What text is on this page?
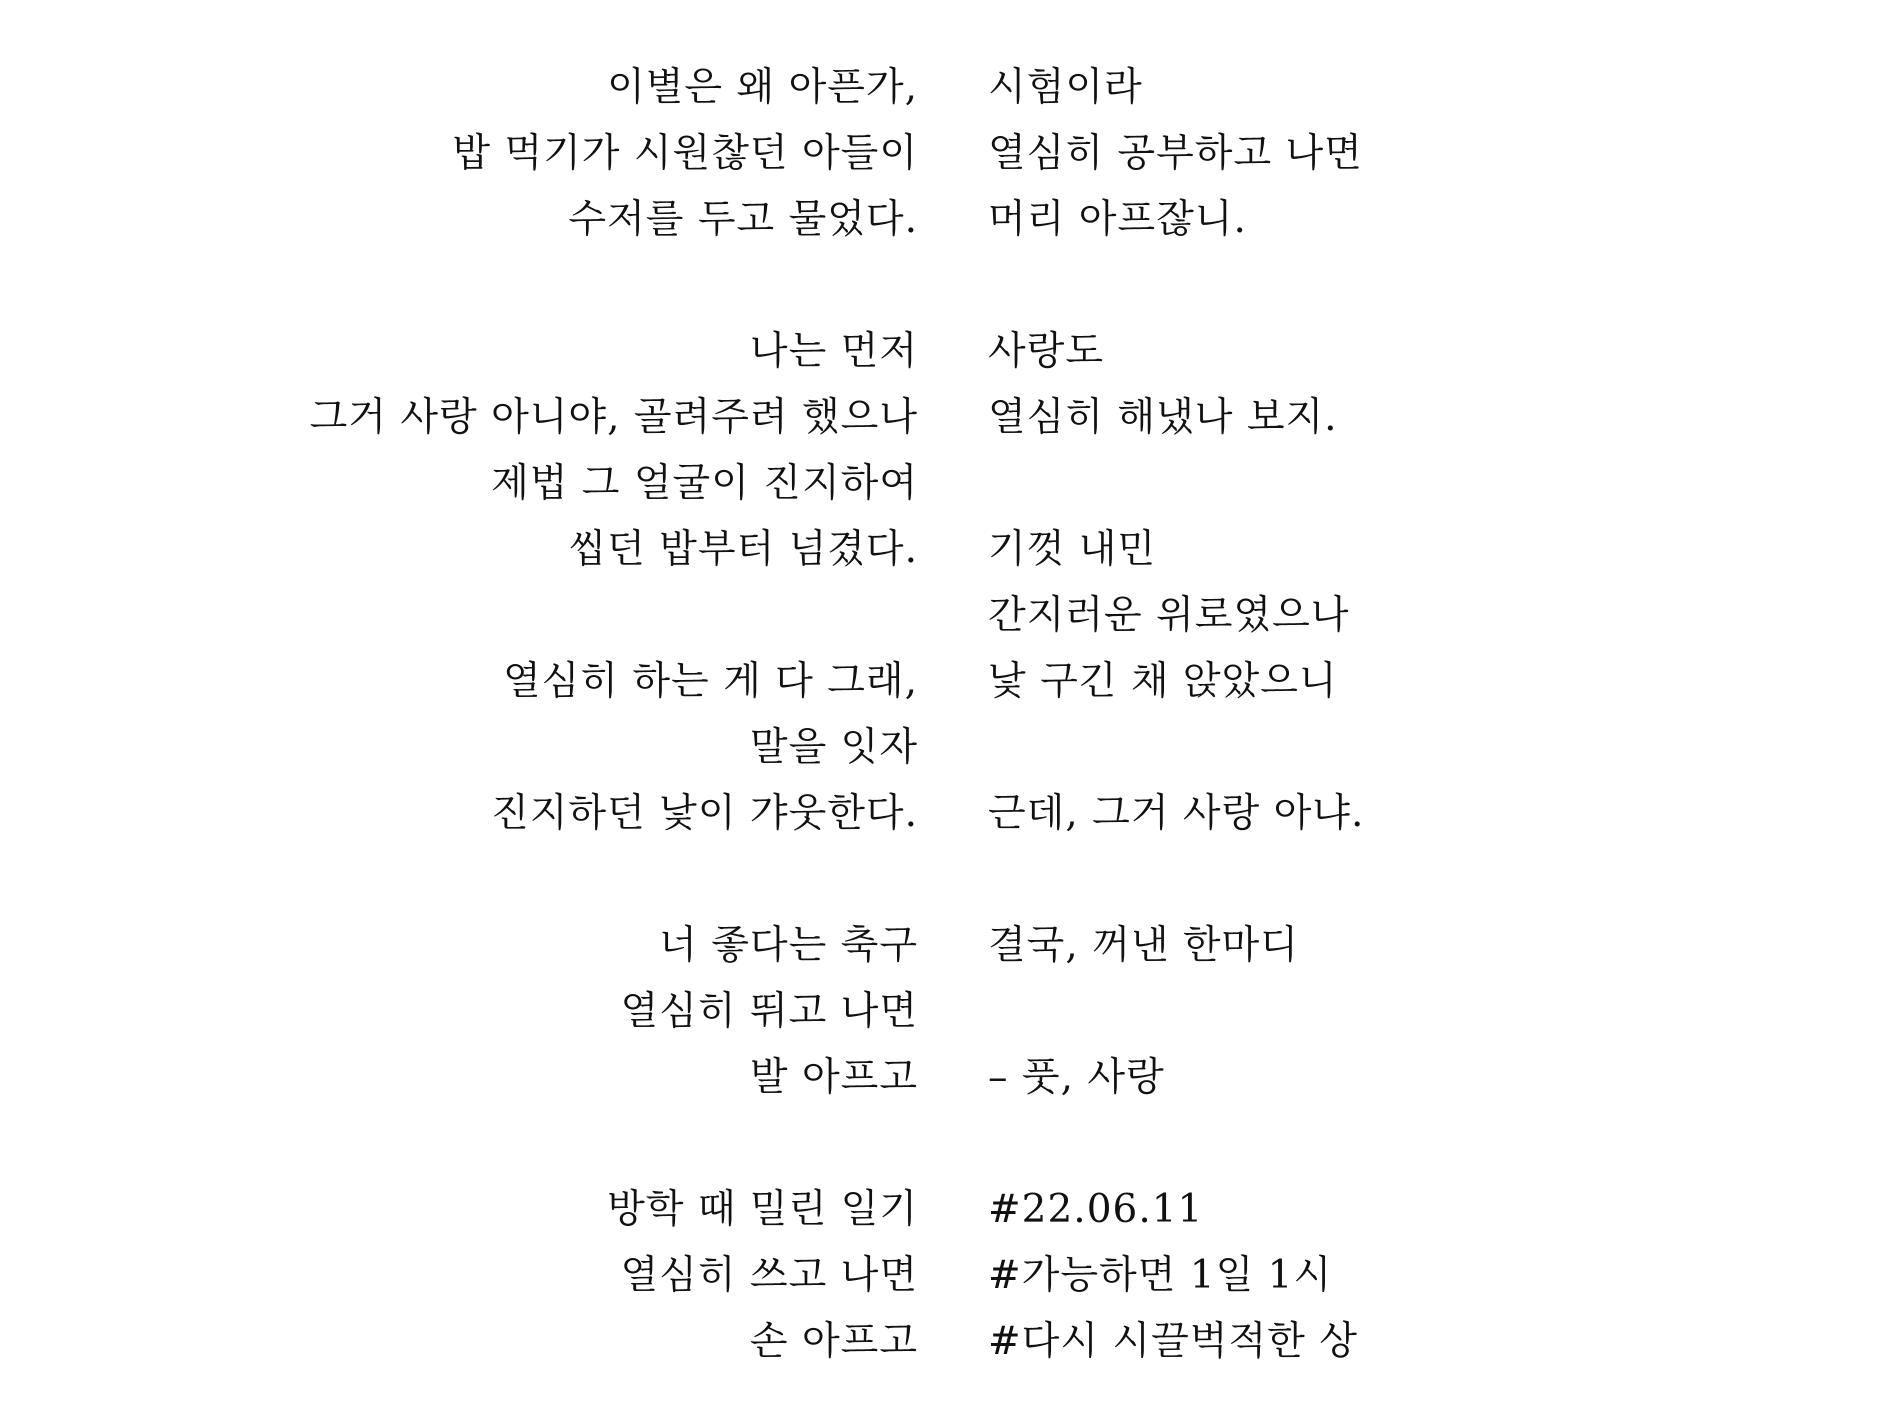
이별은 왜 아픈가, 시험이라
밥 먹기가 시원찮던 아들이 열심히 공부하고 나면
수저를 두고 물었다. 머리 아프잖니.
나는 먼저 사랑도
그거 사랑 아니야, 골려주려 했으나 열심히 해냈나 보지.
제법 그 얼굴이 진지하여
씹던 밥부터 넘겼다. 기껏 내민
간지러운 위로였으나
열심히 하는 게 다 그래, 낯 구긴 채 앉았으니
말을 잇자
진지하던 낯이 갸웃한다. 근데, 그거 사랑 아냐.
너 좋다는 축구 결국, 꺼낸 한마디
열심히 뛰고 나면
발 아프고 – 풋, 사랑
방학 때 밀린 일기 #22.06.11
열심히 쓰고 나면 #가능하면 1일 1시
손 아프고 #다시 시끌벅적한 상
